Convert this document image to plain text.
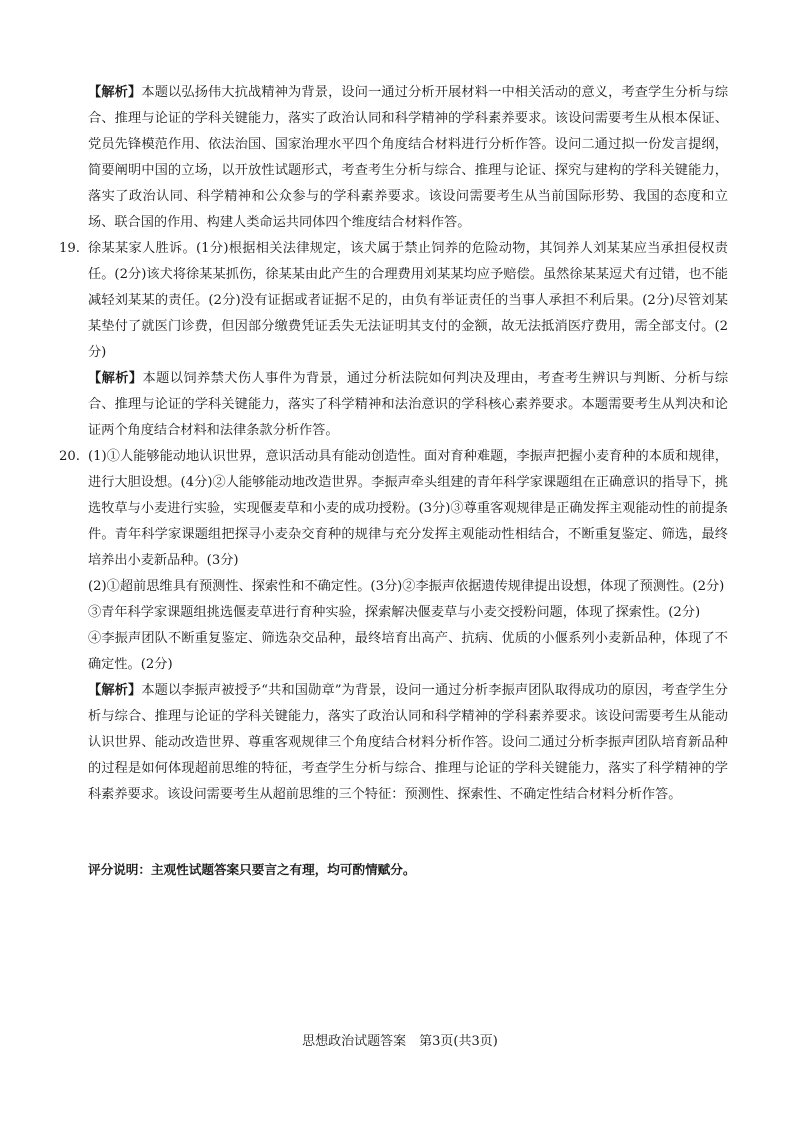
【解析】本题以弘扬伟大抗战精神为背景，设问一通过分析开展材料一中相关活动的意义，考查学生分析与综合、推理与论证的学科关键能力，落实了政治认同和科学精神的学科素养要求。该设问需要考生从根本保证、党员先锋模范作用、依法治国、国家治理水平四个角度结合材料进行分析作答。设问二通过拟一份发言提纲，简要阐明中国的立场，以开放性试题形式，考查考生分析与综合、推理与论证、探究与建构的学科关键能力，落实了政治认同、科学精神和公众参与的学科素养要求。该设问需要考生从当前国际形势、我国的态度和立场、联合国的作用、构建人类命运共同体四个维度结合材料作答。

19. 徐某某家人胜诉。(1分)根据相关法律规定，该犬属于禁止饲养的危险动物，其饲养人刘某某应当承担侵权责任。(2分)该犬将徐某某抓伤，徐某某由此产生的合理费用刘某某均应予赔偿。虽然徐某某逗犬有过错，也不能减轻刘某某的责任。(2分)没有证据或者证据不足的，由负有举证责任的当事人承担不利后果。(2分)尽管刘某某垫付了就医门诊费，但因部分缴费凭证丢失无法证明其支付的金额，故无法抵消医疗费用，需全部支付。(2分)

【解析】本题以饲养禁犬伤人事件为背景，通过分析法院如何判决及理由，考查考生辨识与判断、分析与综合、推理与论证的学科关键能力，落实了科学精神和法治意识的学科核心素养要求。本题需要考生从判决和论证两个角度结合材料和法律条款分析作答。

20. (1)①人能够能动地认识世界，意识活动具有能动创造性。面对育种难题，李振声把握小麦育种的本质和规律，进行大胆设想。(4分)②人能够能动地改造世界。李振声牵头组建的青年科学家课题组在正确意识的指导下，挑选牧草与小麦进行实验，实现偃麦草和小麦的成功授粉。(3分)③尊重客观规律是正确发挥主观能动性的前提条件。青年科学家课题组把探寻小麦杂交育种的规律与充分发挥主观能动性相结合，不断重复鉴定、筛选，最终培养出小麦新品种。(3分)

(2)①超前思维具有预测性、探索性和不确定性。(3分)②李振声依据遗传规律提出设想，体现了预测性。(2分)

③青年科学家课题组挑选偃麦草进行育种实验，探索解决偃麦草与小麦交授粉问题，体现了探索性。(2分)

④李振声团队不断重复鉴定、筛选杂交品种，最终培育出高产、抗病、优质的小偃系列小麦新品种，体现了不确定性。(2分)

【解析】本题以李振声被授予“共和国勋章”为背景，设问一通过分析李振声团队取得成功的原因，考查学生分析与综合、推理与论证的学科关键能力，落实了政治认同和科学精神的学科素养要求。该设问需要考生从能动认识世界、能动改造世界、尊重客观规律三个角度结合材料分析作答。设问二通过分析李振声团队培育新品种的过程是如何体现超前思维的特征，考查学生分析与综合、推理与论证的学科关键能力，落实了科学精神的学科素养要求。该设问需要考生从超前思维的三个特征：预测性、探索性、不确定性结合材料分析作答。

评分说明：主观性试题答案只要言之有理，均可酌情赋分。

思想政治试题答案　第3页(共3页)
